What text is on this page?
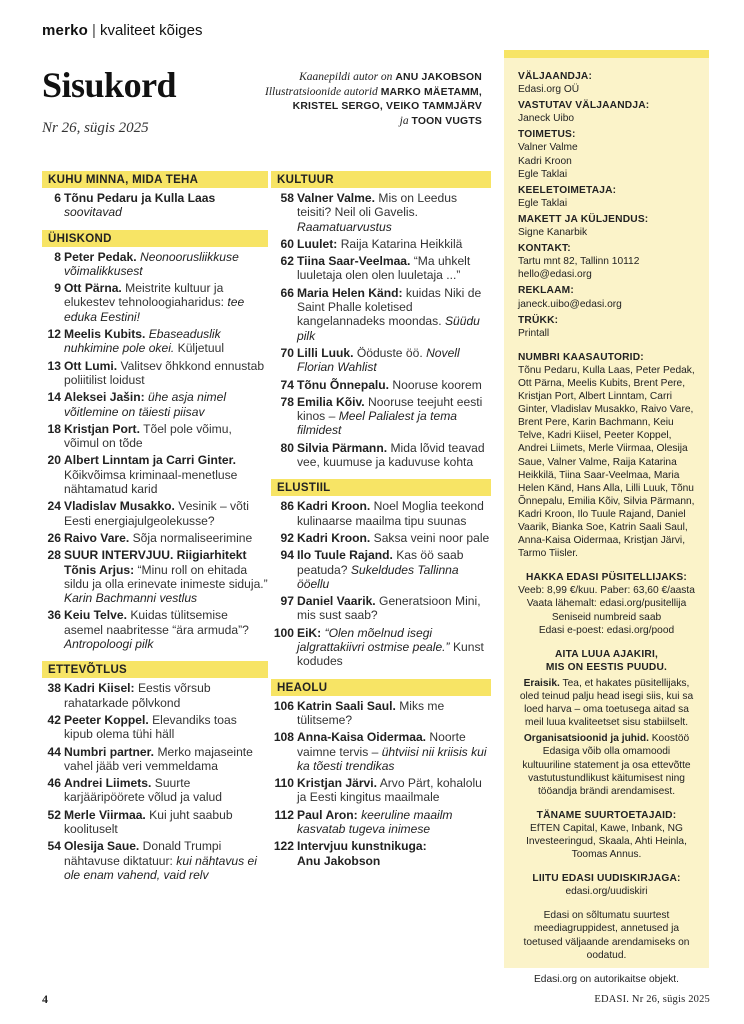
merko | kvaliteet kõiges
Sisukord
Nr 26, sügis 2025
Kaanepildi autor on ANU JAKOBSON
Illustratsioonide autorid MARKO MÄETAMM,
KRISTEL SERGO, VEIKO TAMMJÄRV
ja TOON VUGTS
KUHU MINNA, MIDA TEHA
6 Tõnu Pedaru ja Kulla Laas soovitavad
ÜHISKOND
8 Peter Pedak. Neonoorusliikkuse võimalikkusest
9 Ott Pärna. Meistrite kultuur ja elukestev tehnoloogiaharidus: tee eduka Eestini!
12 Meelis Kubits. Ebaseaduslik nuhkimine pole okei. Küljetuul
13 Ott Lumi. Valitsev õhkkond ennustab poliitilist loidust
14 Aleksei Jašin: ühe asja nimel võitlemine on täiesti piisav
18 Kristjan Port. Tõel pole võimu, võimul on tõde
20 Albert Linntam ja Carri Ginter. Kõikvõimsa kriminaal-menetluse nähtamatud karid
24 Vladislav Musakko. Vesinik – võti Eesti energiajulgeolekusse?
26 Raivo Vare. Sõja normaliseerimine
28 SUUR INTERVJUU. Riigiarhitekt Tõnis Arjus: “Minu roll on ehitada sildu ja olla erinevate inimeste siduja.” Karin Bachmanni vestlus
36 Keiu Telve. Kuidas tülitsemise asemel naabritesse “ära armuda”? Antropoloogi pilk
ETTEVÕTLUS
38 Kadri Kiisel: Eestis võrsub rahatarkade põlvkond
42 Peeter Koppel. Elevandiks toas kipub olema tühi häll
44 Numbri partner. Merko majaseinte vahel jääb veri vemmeldama
46 Andrei Liimets. Suurte karjääripöörete võlud ja valud
52 Merle Viirmaa. Kui juht saabub koolituselt
54 Olesija Saue. Donald Trumpi nähtavuse diktatuur: kui nähtavus ei ole enam vahend, vaid relv
KULTUUR
58 Valner Valme. Mis on Leedus teisiti? Neil oli Gavelis. Raamatuarvustus
60 Luulet: Raija Katarina Heikkilä
62 Tiina Saar-Veelmaa. “Ma uhkelt luuletaja olen olen luuletaja ...”
66 Maria Helen Känd: kuidas Niki de Saint Phalle koletised kangelannadeks moondas. Süüdu pilk
70 Lilli Luuk. Ööduste öö. Novell Florian Wahlist
74 Tõnu Õnnepalu. Nooruse koorem
78 Emilia Kõiv. Nooruse teejuht eesti kinos – Meel Paliale​st ja tema filmidest
80 Silvia Pärmann. Mida lõvid teavad vee, kuumuse ja kaduvuse kohta
ELUSTIIL
86 Kadri Kroon. Noel Moglia teekond kulinaarse maailma tipu suunas
92 Kadri Kroon. Saksa veini noor pale
94 Ilo Tuule Rajand. Kas öö saab peatuda? Sukeldudes Tallinna ööellu
97 Daniel Vaarik. Generatsioon Mini, mis sust saab?
100 EiK: “Olen mõelnud isegi jalgrattakiivri ostmise peale.” Kunst kodudes
HEAOLU
106 Katrin Saali Saul. Miks me tülitseme?
108 Anna-Kaisa Oidermaa. Noorte vaimne tervis – ühtviisi nii kriisis kui ka tõesti trendikas
110 Kristjan Järvi. Arvo Pärt, kohalolu ja Eesti kingitus maailmale
112 Paul Aron: keeruline maailm kasvatab tugeva inimese
122 Intervjuu kunstnikuga:
Anu Jakobson
VÄLJAANDJA:
Edasi.org OÜ
VASTUTAV VÄLJAANDJA:
Janeck Uibo
TOIMETUS:
Valner Valme
Kadri Kroon
Egle Taklai
KEELETOIMETAJA:
Egle Taklai
MAKETT JA KÜLJENDUS:
Signe Kanarbik
KONTAKT:
Tartu mnt 82, Tallinn 10112
hello@edasi.org
REKLAAM:
janeck.uibo@edasi.org
TRÜKK:
Printall
NUMBRI KAASAUTORID:
Tõnu Pedaru, Kulla Laas, Peter Pedak, Ott Pärna, Meelis Kubits, Brent Pere, Kristjan Port, Albert Linntam, Carri Ginter, Vladislav Musakko, Raivo Vare, Brent Pere, Karin Bachmann, Keiu Telve, Kadri Kiisel, Peeter Koppel, Andrei Liimets, Merle Viirmaa, Olesija Saue, Valner Valme, Raija Katarina Heikkilä, Tiina Saar-Veelmaa, Maria Helen Känd, Hans Alla, Lilli Luuk, Tõnu Õnnepalu, Emilia Kõiv, Silvia Pärmann, Kadri Kroon, Ilo Tuule Rajand, Daniel Vaarik, Bianka Soe, Katrin Saali Saul, Anna-Kaisa Oidermaa, Kristjan Järvi, Tarmo Tiisler.
HAKKA EDASI PÜSITELLIJAKS:
Veeb: 8,99 €/kuu. Paber: 63,60 €/aasta
Vaata lähemalt: edasi.org/pusitellija
Seniseid numbreid saab
Edasi e-poest: edasi.org/pood
AITA LUUA AJAKIRI,
MIS ON EESTIS PUUDU.
Eraisik. Tea, et hakates püsitellijaks, oled teinud palju head isegi siis, kui sa loed harva – oma toetusega aitad sa meil luua kvaliteetset sisu stabiilselt.
Organisatsioonid ja juhid. Koostöö Edasiga võib olla omamoodi kultuuriline statement ja osa ettevõtte vastutustundlikust käitumisest ning tööandja brändi arendamisest.
TÄNAME SUURTOETAJAID:
EfTEN Capital, Kawe, Inbank, NG Investeeringud, Skaala, Ahti Heinla, Toomas Annus.
LIITU EDASI UUDISKIRJAGA:
edasi.org/uudiskiri
Edasi on sõltumatu suurtest meediagruppidest, annetused ja toetused väljaande arendamiseks on oodatud.
Edasi.org on autorikaitse objekt.
4	EDASI. Nr 26, sügis 2025
